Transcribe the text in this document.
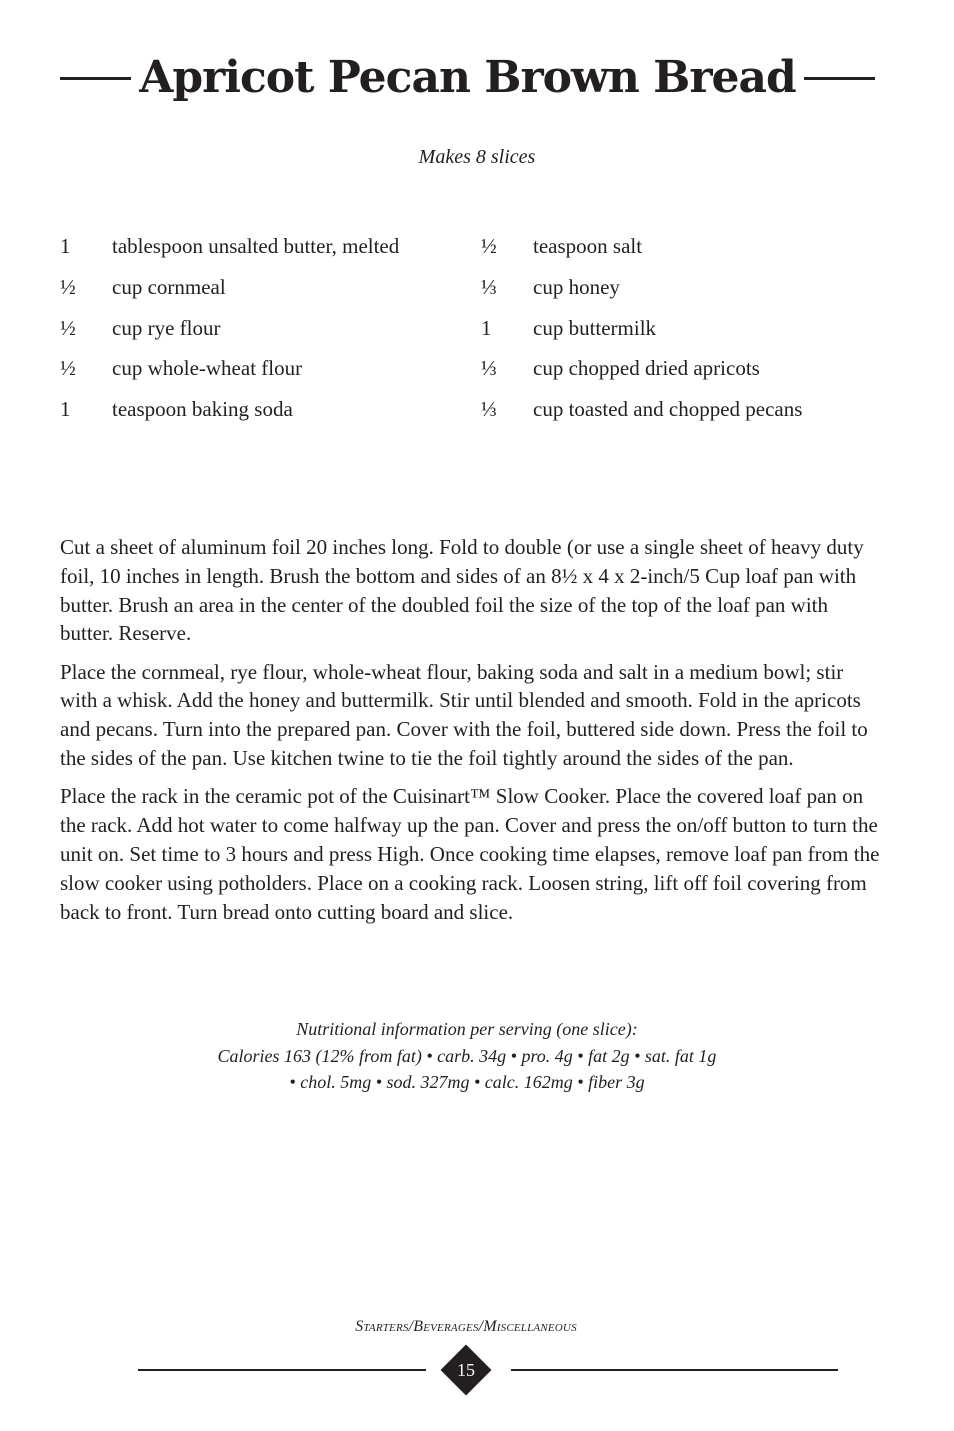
Apricot Pecan Brown Bread
Makes 8 slices
1	tablespoon unsalted butter, melted
½	cup cornmeal
½	cup rye flour
½	cup whole-wheat flour
1	teaspoon baking soda
½	teaspoon salt
⅓	cup honey
1	cup buttermilk
⅓	cup chopped dried apricots
⅓	cup toasted and chopped pecans

Cut a sheet of aluminum foil 20 inches long. Fold to double (or use a single sheet of heavy duty foil, 10 inches in length. Brush the bottom and sides of an 8½ x 4 x 2-inch/5 Cup loaf pan with butter. Brush an area in the center of the doubled foil the size of the top of the loaf pan with butter. Reserve.

Place the cornmeal, rye flour, whole-wheat flour, baking soda and salt in a medium bowl; stir with a whisk. Add the honey and buttermilk. Stir until blended and smooth. Fold in the apricots and pecans. Turn into the prepared pan. Cover with the foil, buttered side down. Press the foil to the sides of the pan. Use kitchen twine to tie the foil tightly around the sides of the pan.

Place the rack in the ceramic pot of the Cuisinart™ Slow Cooker. Place the covered loaf pan on the rack. Add hot water to come halfway up the pan. Cover and press the on/off button to turn the unit on. Set time to 3 hours and press High. Once cooking time elapses, remove loaf pan from the slow cooker using potholders. Place on a cooking rack. Loosen string, lift off foil covering from back to front. Turn bread onto cutting board and slice.

Nutritional information per serving (one slice):
Calories 163 (12% from fat) • carb. 34g • pro. 4g • fat 2g • sat. fat 1g
• chol. 5mg • sod. 327mg • calc. 162mg • fiber 3g
Starters/Beverages/Miscellaneous
15
